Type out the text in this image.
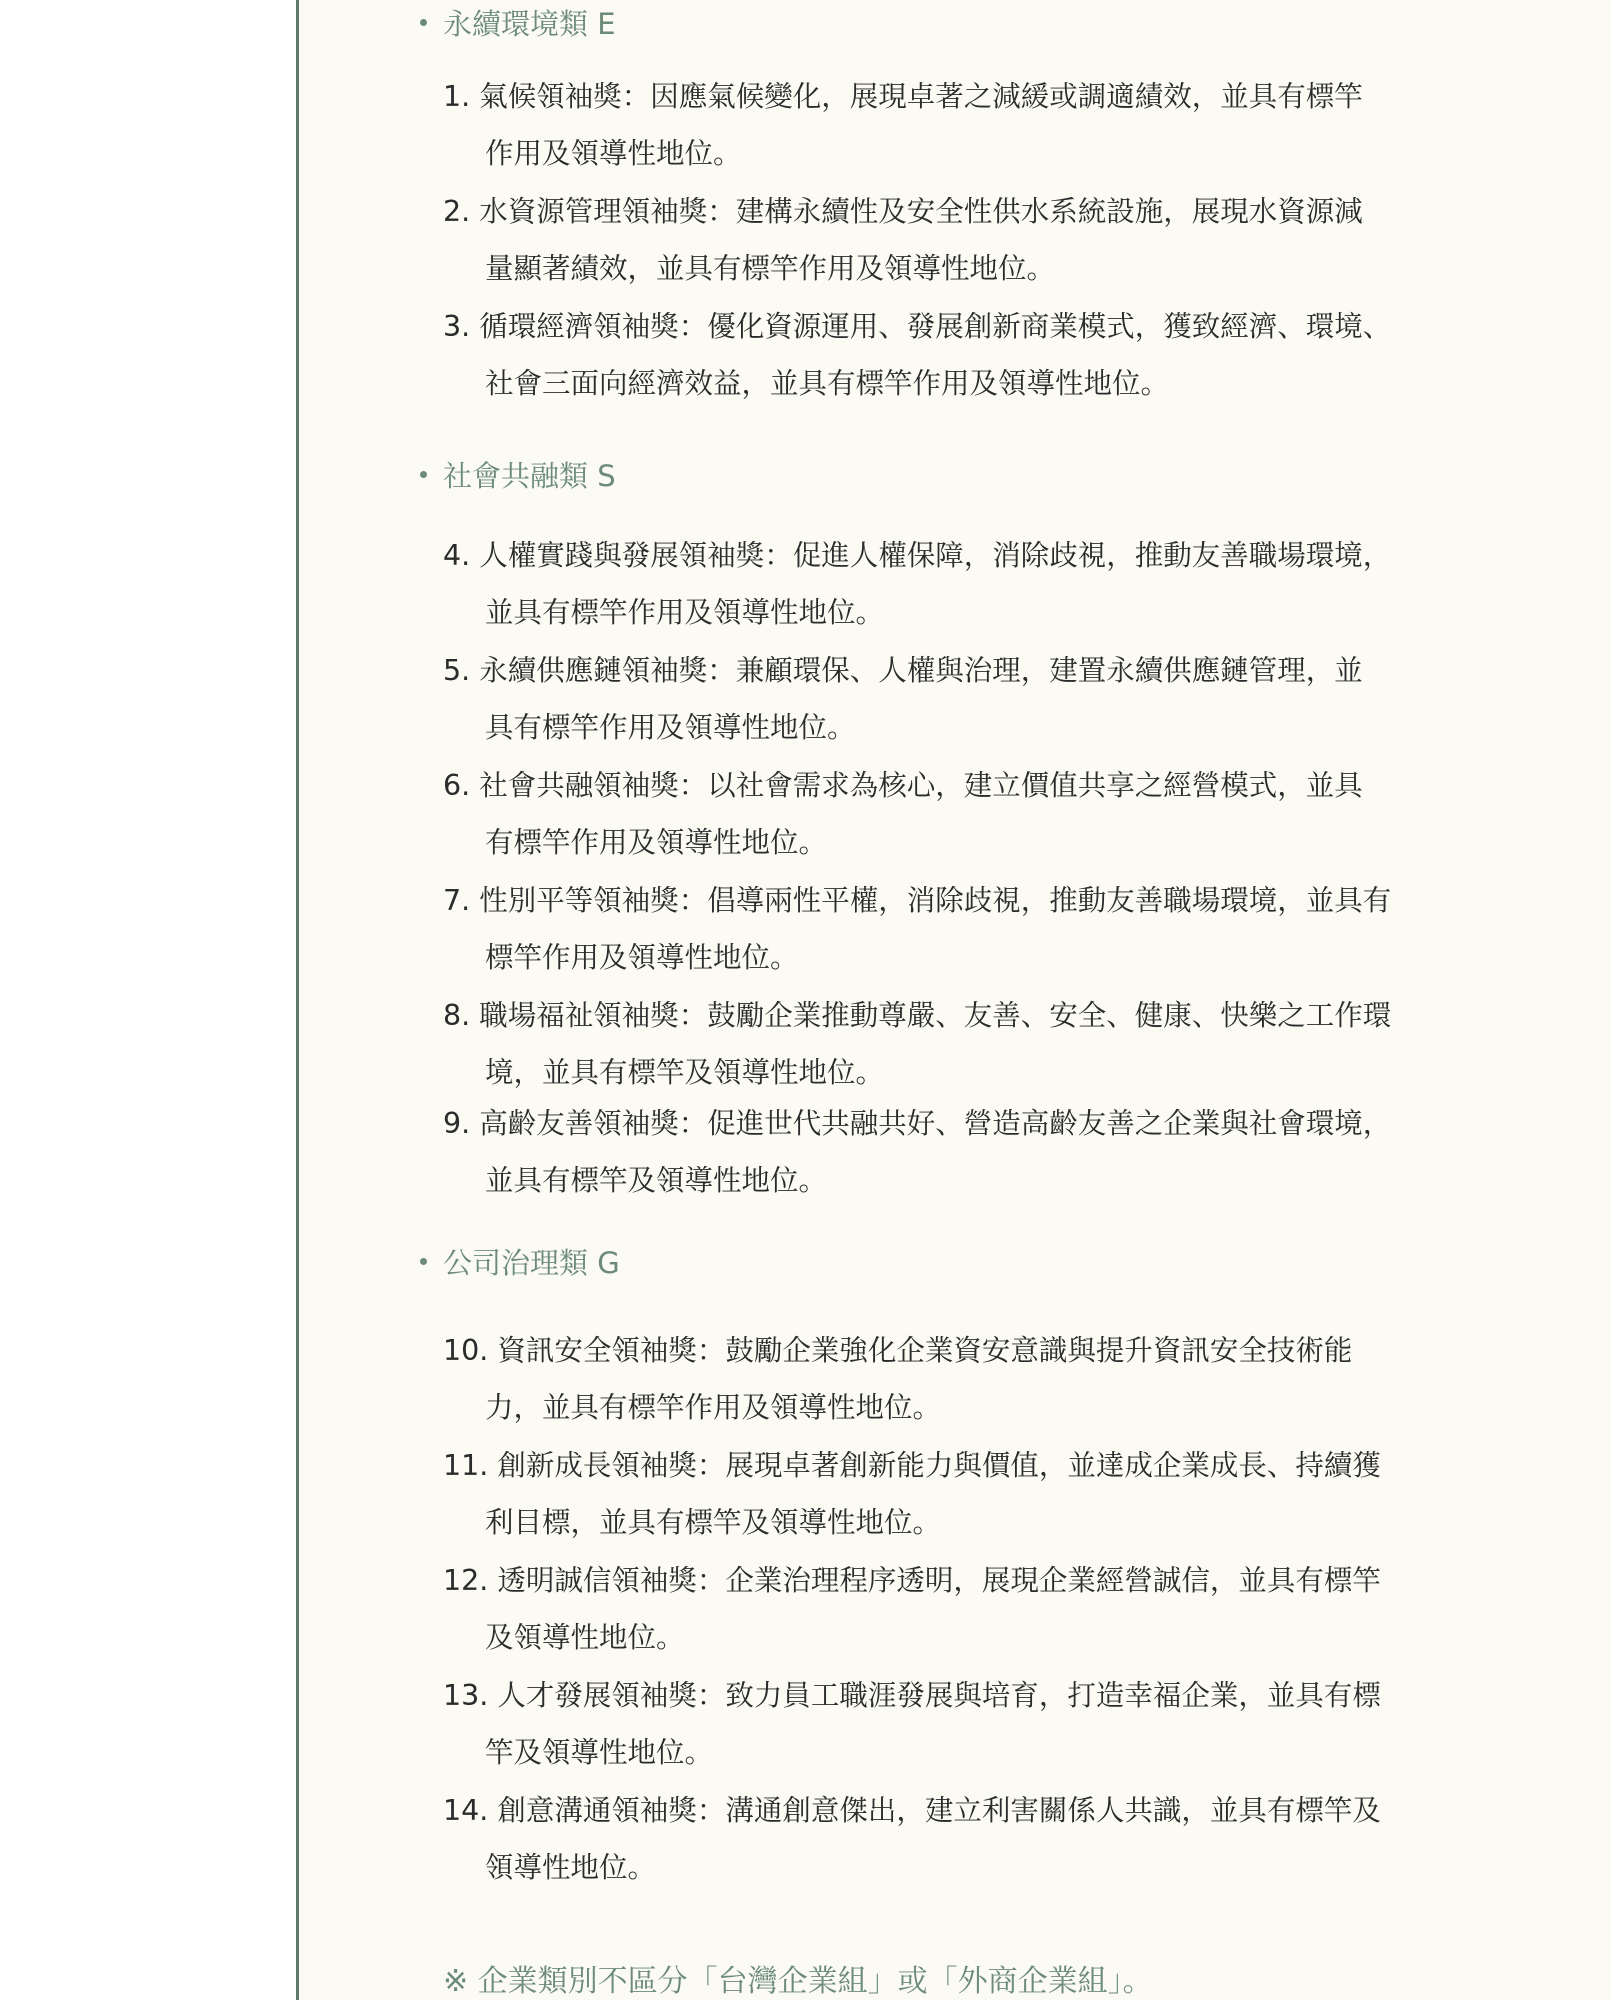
永續環境類 E
1. 氣候領袖獎：因應氣候變化，展現卓著之減緩或調適績效，並具有標竿
作用及領導性地位。
2. 水資源管理領袖獎：建構永續性及安全性供水系統設施，展現水資源減
量顯著績效，並具有標竿作用及領導性地位。
3. 循環經濟領袖獎：優化資源運用、發展創新商業模式，獲致經濟、環境、
社會三面向經濟效益，並具有標竿作用及領導性地位。
社會共融類 S
4. 人權實踐與發展領袖獎：促進人權保障，消除歧視，推動友善職場環境，
並具有標竿作用及領導性地位。
5. 永續供應鏈領袖獎：兼顧環保、人權與治理，建置永續供應鏈管理，並
具有標竿作用及領導性地位。
6. 社會共融領袖獎：以社會需求為核心，建立價值共享之經營模式，並具
有標竿作用及領導性地位。
7. 性別平等領袖獎：倡導兩性平權，消除歧視，推動友善職場環境，並具有
標竿作用及領導性地位。
8. 職場福祉領袖獎：鼓勵企業推動尊嚴、友善、安全、健康、快樂之工作環
境，並具有標竿及領導性地位。
9. 高齡友善領袖獎：促進世代共融共好、營造高齡友善之企業與社會環境，
並具有標竿及領導性地位。
公司治理類 G
10. 資訊安全領袖獎：鼓勵企業強化企業資安意識與提升資訊安全技術能
力，並具有標竿作用及領導性地位。
11. 創新成長領袖獎：展現卓著創新能力與價值，並達成企業成長、持續獲
利目標，並具有標竿及領導性地位。
12. 透明誠信領袖獎：企業治理程序透明，展現企業經營誠信，並具有標竿
及領導性地位。
13. 人才發展領袖獎：致力員工職涯發展與培育，打造幸福企業，並具有標
竿及領導性地位。
14. 創意溝通領袖獎：溝通創意傑出，建立利害關係人共識，並具有標竿及
領導性地位。
※ 企業類別不區分「台灣企業組」或「外商企業組」。
